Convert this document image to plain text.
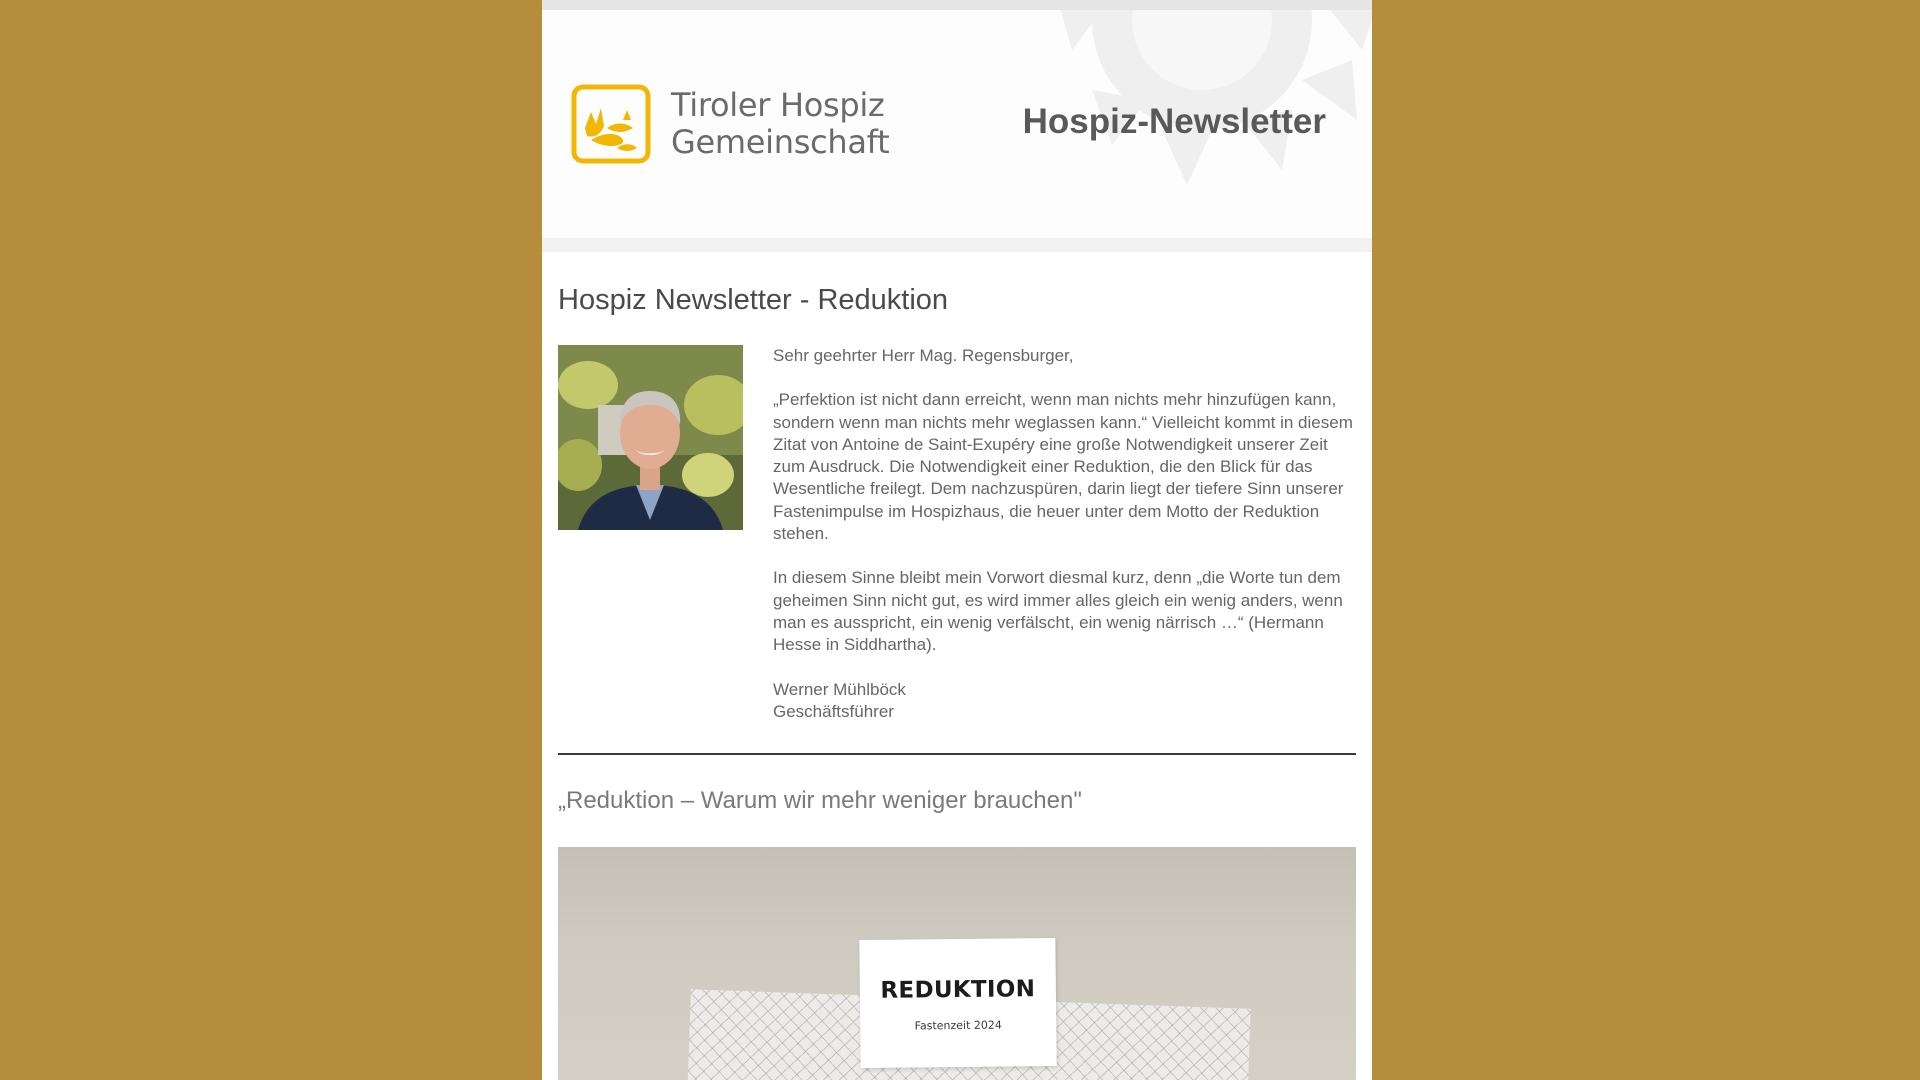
Tiroler Hospiz
Gemeinschaft
Hospiz-Newsletter
Hospiz Newsletter - Reduktion

Sehr geehrter Herr Mag. Regensburger,

„Perfektion ist nicht dann erreicht, wenn man nichts mehr hinzufügen kann, sondern wenn man nichts mehr weglassen kann.“ Vielleicht kommt in diesem Zitat von Antoine de Saint-Exupéry eine große Notwendigkeit unserer Zeit zum Ausdruck. Die Notwendigkeit einer Reduktion, die den Blick für das Wesentliche freilegt. Dem nachzuspüren, darin liegt der tiefere Sinn unserer Fastenimpulse im Hospizhaus, die heuer unter dem Motto der Reduktion stehen.

In diesem Sinne bleibt mein Vorwort diesmal kurz, denn „die Worte tun dem geheimen Sinn nicht gut, es wird immer alles gleich ein wenig anders, wenn man es ausspricht, ein wenig verfälscht, ein wenig närrisch …“ (Hermann Hesse in Siddhartha).

Werner Mühlböck

Geschäftsführer

„Reduktion – Warum wir mehr weniger brauchen"
REDUKTION
Fastenzeit 2024
